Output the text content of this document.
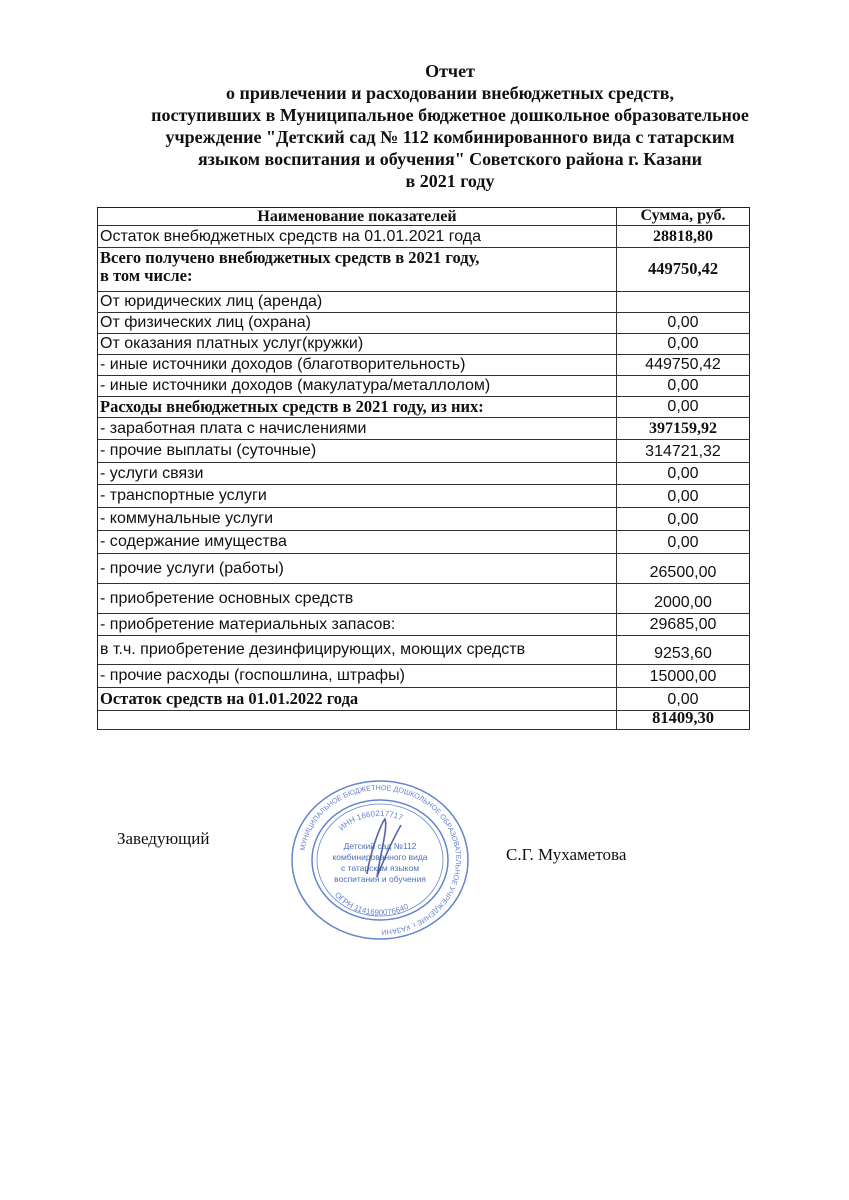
Отчет
о привлечении и расходовании внебюджетных средств,
поступивших в Муниципальное бюджетное дошкольное образовательное
учреждение "Детский сад № 112 комбинированного вида с татарским
языком воспитания и обучения" Советского района г. Казани
в 2021 году
Наименование показателей	Сумма, руб.
Остаток внебюджетных средств на 01.01.2021 года	28818,80
Всего получено внебюджетных средств в 2021 году,
в том числе:	449750,42
От юридических лиц (аренда)
От физических лиц (охрана)	0,00
От оказания платных услуг(кружки)	0,00
- иные источники доходов (благотворительность)	449750,42
- иные источники доходов (макулатура/металлолом)	0,00
Расходы внебюджетных средств в 2021 году, из них:	0,00
- заработная плата с начислениями	397159,92
- прочие выплаты (суточные)	314721,32
- услуги связи	0,00
- транспортные услуги	0,00
- коммунальные услуги	0,00
- содержание имущества	0,00
- прочие услуги (работы)	26500,00
- приобретение основных средств	2000,00
- приобретение материальных запасов:	29685,00
в т.ч. приобретение дезинфицирующих, моющих средств	9253,60
- прочие расходы (госпошлина, штрафы)	15000,00
Остаток средств на 01.01.2022 года	0,00
81409,30
Заведующий
С.Г. Мухаметова
МУНИЦИПАЛЬНОЕ БЮДЖЕТНОЕ ДОШКОЛЬНОЕ ОБРАЗОВАТЕЛЬНОЕ УЧРЕЖДЕНИЕ г. КАЗАНИ
ИНН 1660217717
ОГРН 1141690076640
Детский сад №112
комбинированного вида
с татарским языком
воспитания и обучения
